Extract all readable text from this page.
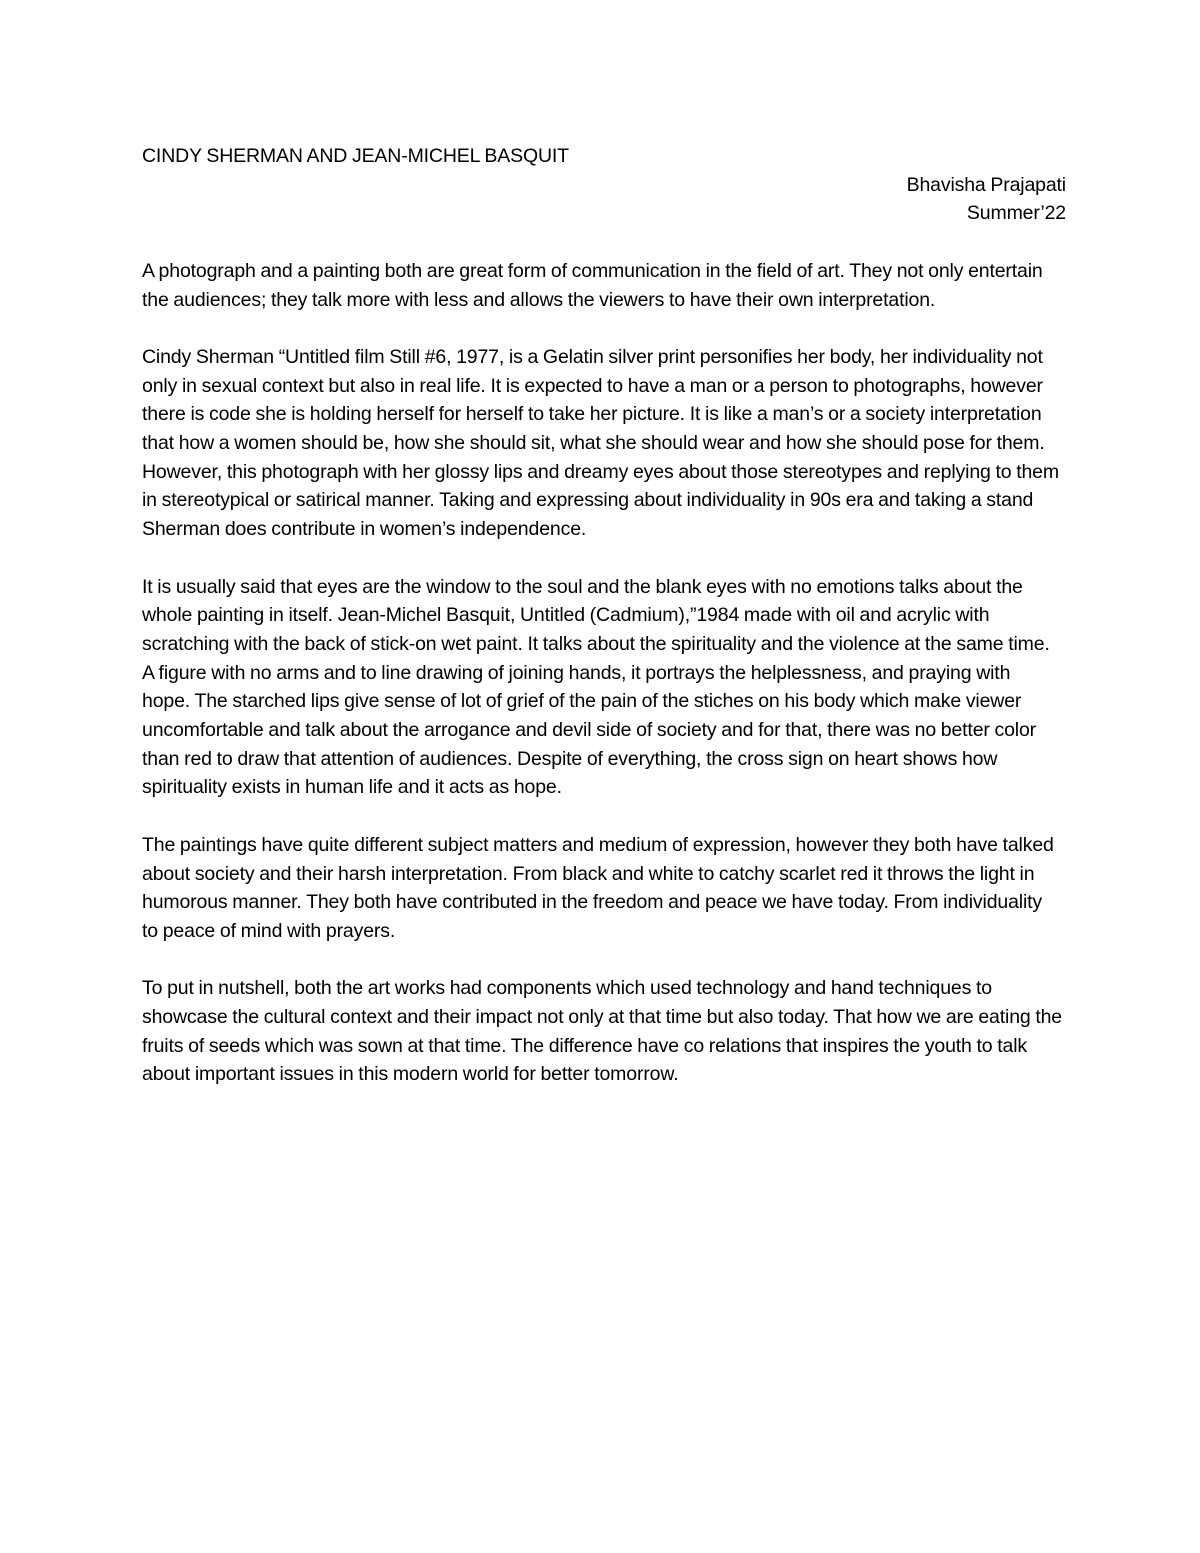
CINDY SHERMAN AND JEAN-MICHEL BASQUIT
Bhavisha Prajapati
Summer’22

A photograph and a painting both are great form of communication in the field of art. They not only entertain the audiences; they talk more with less and allows the viewers to have their own interpretation.

Cindy Sherman “Untitled film Still #6, 1977, is a Gelatin silver print personifies her body, her individuality not only in sexual context but also in real life. It is expected to have a man or a person to photographs, however there is code she is holding herself for herself to take her picture. It is like a man’s or a society interpretation that how a women should be, how she should sit, what she should wear and how she should pose for them. However, this photograph with her glossy lips and dreamy eyes about those stereotypes and replying to them in stereotypical or satirical manner. Taking and expressing about individuality in 90s era and taking a stand Sherman does contribute in women’s independence.

It is usually said that eyes are the window to the soul and the blank eyes with no emotions talks about the whole painting in itself. Jean-Michel Basquit, Untitled (Cadmium),”1984 made with oil and acrylic with scratching with the back of stick-on wet paint. It talks about the spirituality and the violence at the same time. A figure with no arms and to line drawing of joining hands, it portrays the helplessness, and praying with hope. The starched lips give sense of lot of grief of the pain of the stiches on his body which make viewer uncomfortable and talk about the arrogance and devil side of society and for that, there was no better color than red to draw that attention of audiences. Despite of everything, the cross sign on heart shows how spirituality exists in human life and it acts as hope.

The paintings have quite different subject matters and medium of expression, however they both have talked about society and their harsh interpretation. From black and white to catchy scarlet red it throws the light in humorous manner. They both have contributed in the freedom and peace we have today. From individuality to peace of mind with prayers.

To put in nutshell, both the art works had components which used technology and hand techniques to showcase the cultural context and their impact not only at that time but also today. That how we are eating the fruits of seeds which was sown at that time. The difference have co relations that inspires the youth to talk about important issues in this modern world for better tomorrow.
